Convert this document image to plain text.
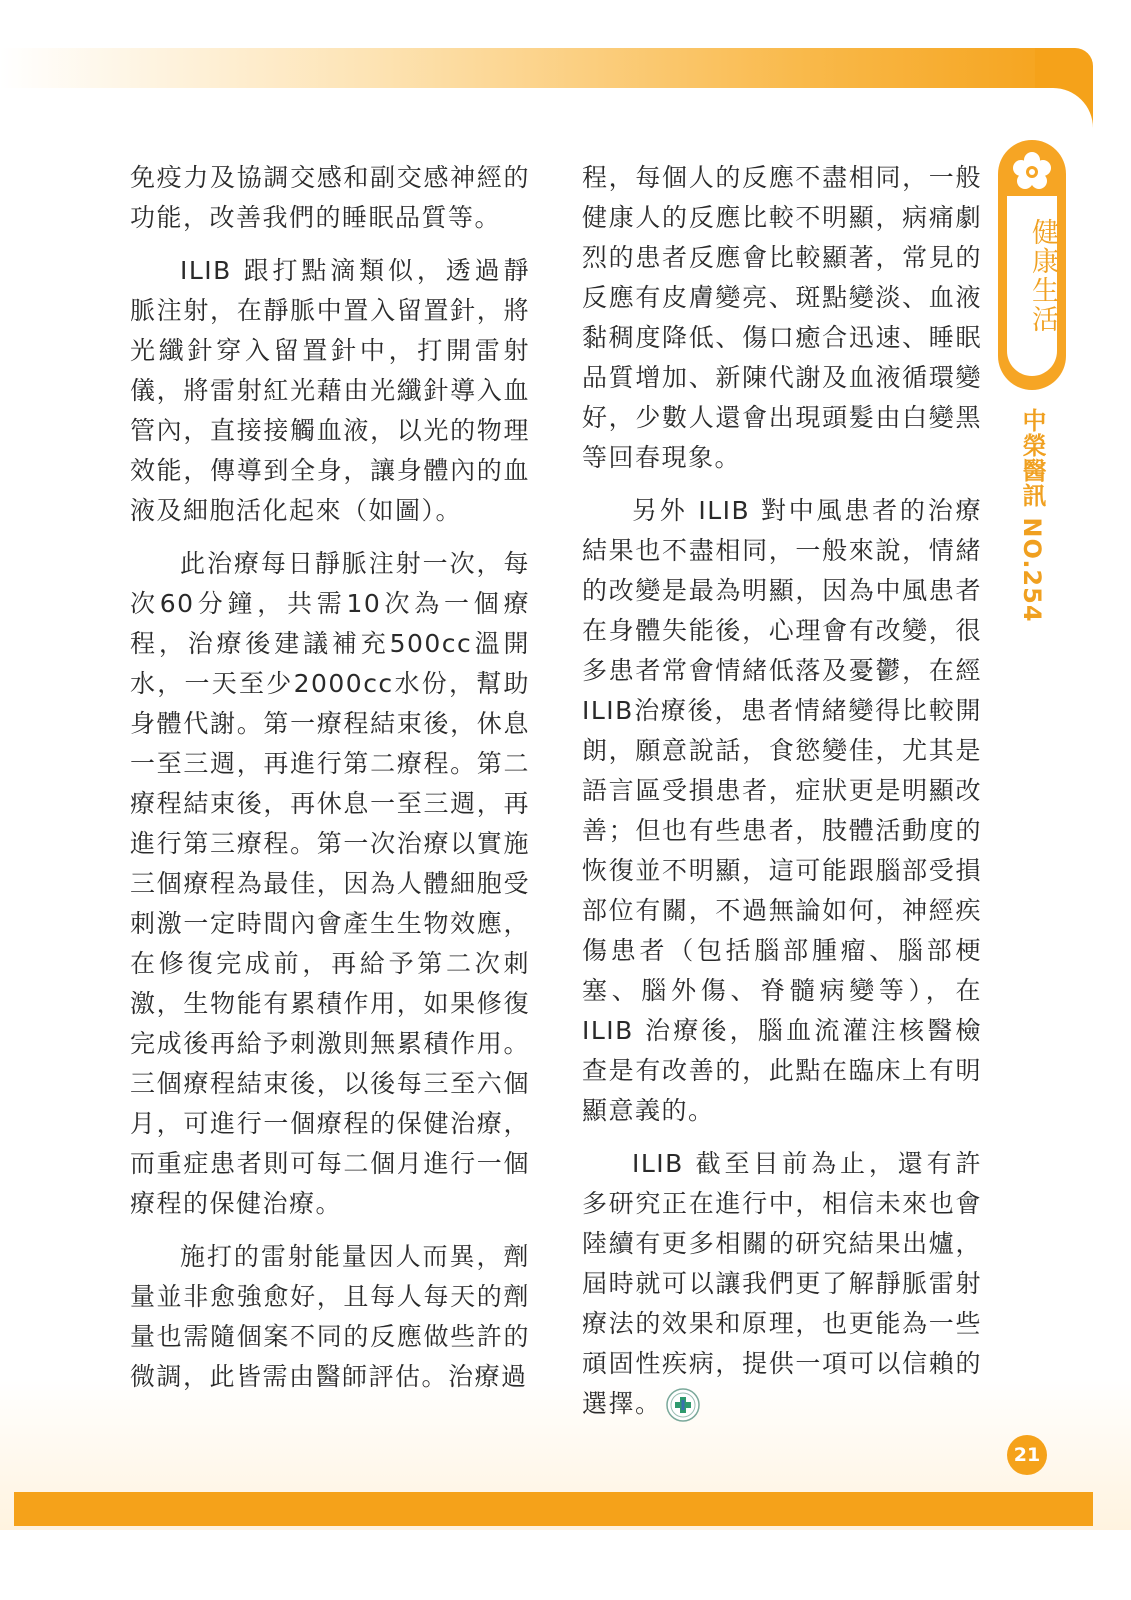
健康生活
中榮醫訊 NO.254

免疫力及協調交感和副交感神經的功能，改善我們的睡眠品質等。

ILIB 跟打點滴類似，透過靜脈注射，在靜脈中置入留置針，將光纖針穿入留置針中，打開雷射儀，將雷射紅光藉由光纖針導入血管內，直接接觸血液，以光的物理效能，傳導到全身，讓身體內的血液及細胞活化起來（如圖）。

此治療每日靜脈注射一次，每次60分鐘，共需10次為一個療程，治療後建議補充500cc溫開水，一天至少2000cc水份，幫助身體代謝。第一療程結束後，休息一至三週，再進行第二療程。第二療程結束後，再休息一至三週，再進行第三療程。第一次治療以實施三個療程為最佳，因為人體細胞受刺激一定時間內會產生生物效應，在修復完成前，再給予第二次刺激，生物能有累積作用，如果修復完成後再給予刺激則無累積作用。三個療程結束後，以後每三至六個月，可進行一個療程的保健治療，而重症患者則可每二個月進行一個療程的保健治療。

施打的雷射能量因人而異，劑量並非愈強愈好，且每人每天的劑量也需隨個案不同的反應做些許的微調，此皆需由醫師評估。治療過

程，每個人的反應不盡相同，一般健康人的反應比較不明顯，病痛劇烈的患者反應會比較顯著，常見的反應有皮膚變亮、斑點變淡、血液黏稠度降低、傷口癒合迅速、睡眠品質增加、新陳代謝及血液循環變好，少數人還會出現頭髮由白變黑等回春現象。

另外 ILIB 對中風患者的治療結果也不盡相同，一般來說，情緒的改變是最為明顯，因為中風患者在身體失能後，心理會有改變，很多患者常會情緒低落及憂鬱，在經ILIB治療後，患者情緒變得比較開朗，願意說話，食慾變佳，尤其是語言區受損患者，症狀更是明顯改善；但也有些患者，肢體活動度的恢復並不明顯，這可能跟腦部受損部位有關，不過無論如何，神經疾傷患者（包括腦部腫瘤、腦部梗塞、腦外傷、脊髓病變等），在 ILIB 治療後，腦血流灌注核醫檢查是有改善的，此點在臨床上有明顯意義的。

ILIB 截至目前為止，還有許多研究正在進行中，相信未來也會陸續有更多相關的研究結果出爐，屆時就可以讓我們更了解靜脈雷射療法的效果和原理，也更能為一些頑固性疾病，提供一項可以信賴的選擇。

21
